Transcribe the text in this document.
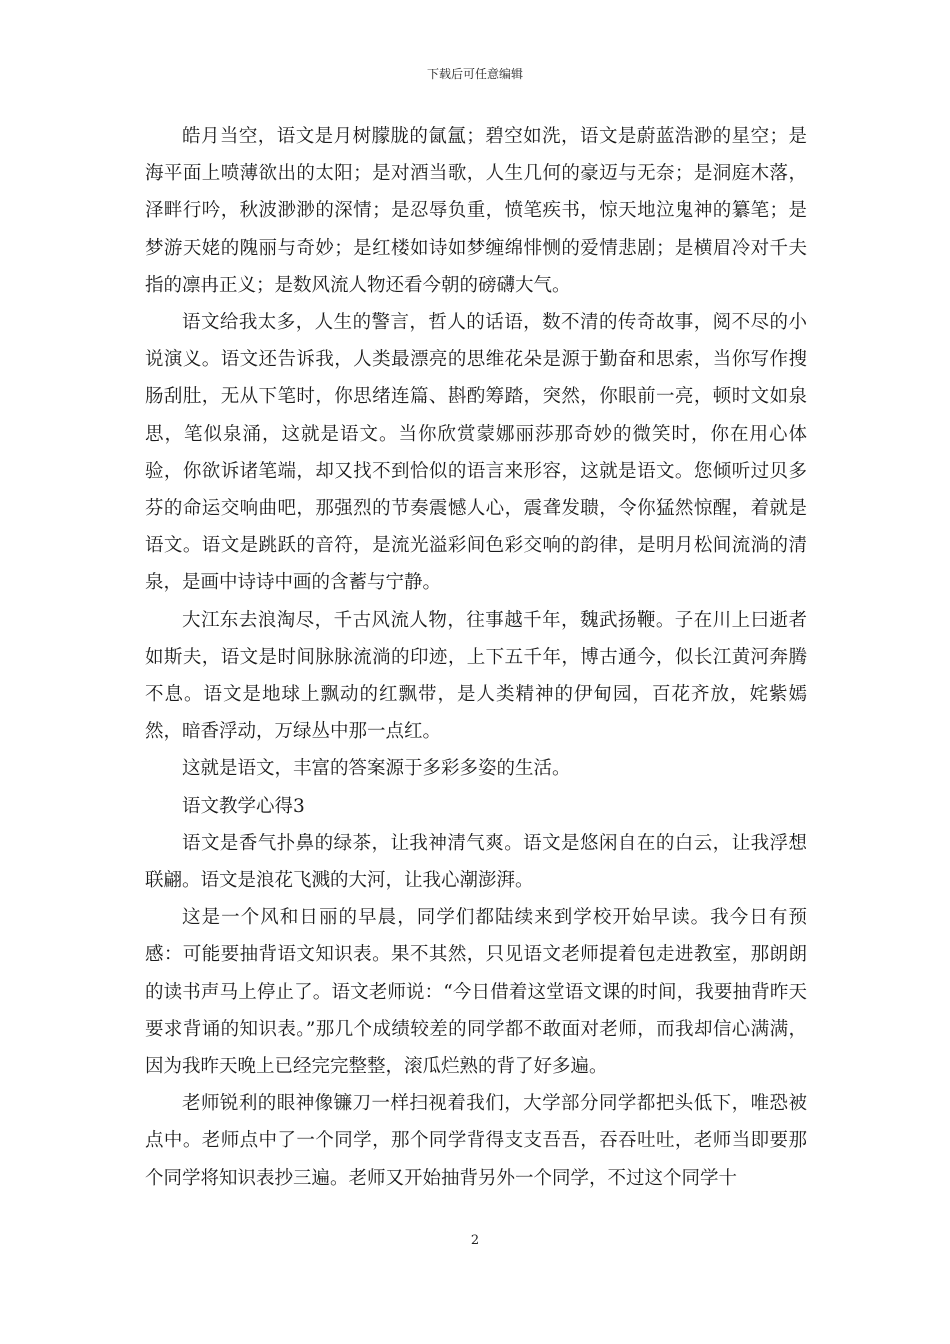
下载后可任意编辑

皓月当空，语文是月树朦胧的氤氲；碧空如洗，语文是蔚蓝浩渺的星空；是海平面上喷薄欲出的太阳；是对酒当歌，人生几何的豪迈与无奈；是洞庭木落，泽畔行吟，秋波渺渺的深情；是忍辱负重，愤笔疾书，惊天地泣鬼神的纂笔；是梦游天姥的隗丽与奇妙；是红楼如诗如梦缠绵悱恻的爱情悲剧；是横眉冷对千夫指的凛冉正义；是数风流人物还看今朝的磅礴大气。

语文给我太多，人生的警言，哲人的话语，数不清的传奇故事，阅不尽的小说演义。语文还告诉我，人类最漂亮的思维花朵是源于勤奋和思索，当你写作搜肠刮肚，无从下笔时，你思绪连篇、斟酌筹踏，突然，你眼前一亮，顿时文如泉思，笔似泉涌，这就是语文。当你欣赏蒙娜丽莎那奇妙的微笑时，你在用心体验，你欲诉诸笔端，却又找不到恰似的语言来形容，这就是语文。您倾听过贝多芬的命运交响曲吧，那强烈的节奏震憾人心，震聋发聩，令你猛然惊醒，着就是语文。语文是跳跃的音符，是流光溢彩间色彩交响的韵律，是明月松间流淌的清泉，是画中诗诗中画的含蓄与宁静。

大江东去浪淘尽，千古风流人物，往事越千年，魏武扬鞭。子在川上曰逝者如斯夫，语文是时间脉脉流淌的印迹，上下五千年，博古通今，似长江黄河奔腾不息。语文是地球上飘动的红飘带，是人类精神的伊甸园，百花齐放，姹紫嫣然，暗香浮动，万绿丛中那一点红。

这就是语文，丰富的答案源于多彩多姿的生活。

语文教学心得3

语文是香气扑鼻的绿茶，让我神清气爽。语文是悠闲自在的白云，让我浮想联翩。语文是浪花飞溅的大河，让我心潮澎湃。

这是一个风和日丽的早晨，同学们都陆续来到学校开始早读。我今日有预感：可能要抽背语文知识表。果不其然，只见语文老师提着包走进教室，那朗朗的读书声马上停止了。语文老师说：“今日借着这堂语文课的时间，我要抽背昨天要求背诵的知识表。”那几个成绩较差的同学都不敢面对老师，而我却信心满满，因为我昨天晚上已经完完整整，滚瓜烂熟的背了好多遍。

老师锐利的眼神像镰刀一样扫视着我们，大学部分同学都把头低下，唯恐被点中。老师点中了一个同学，那个同学背得支支吾吾，吞吞吐吐，老师当即要那个同学将知识表抄三遍。老师又开始抽背另外一个同学，不过这个同学十

2
